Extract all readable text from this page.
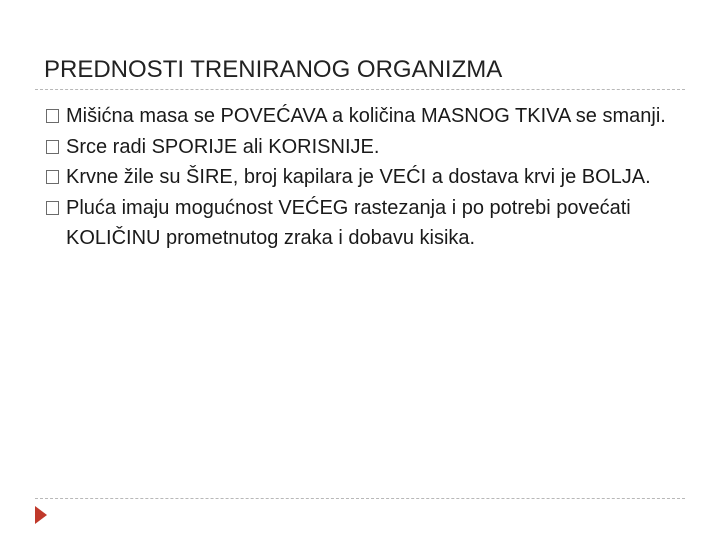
PREDNOSTI TRENIRANOG ORGANIZMA
Mišićna masa se POVEĆAVA a količina MASNOG TKIVA se smanji.
Srce radi SPORIJE ali KORISNIJE.
Krvne žile su ŠIRE, broj kapilara je VEĆI a dostava krvi je BOLJA.
Pluća imaju mogućnost VEĆEG rastezanja i po potrebi povećati KOLIČINU prometnutog zraka i dobavu kisika.
